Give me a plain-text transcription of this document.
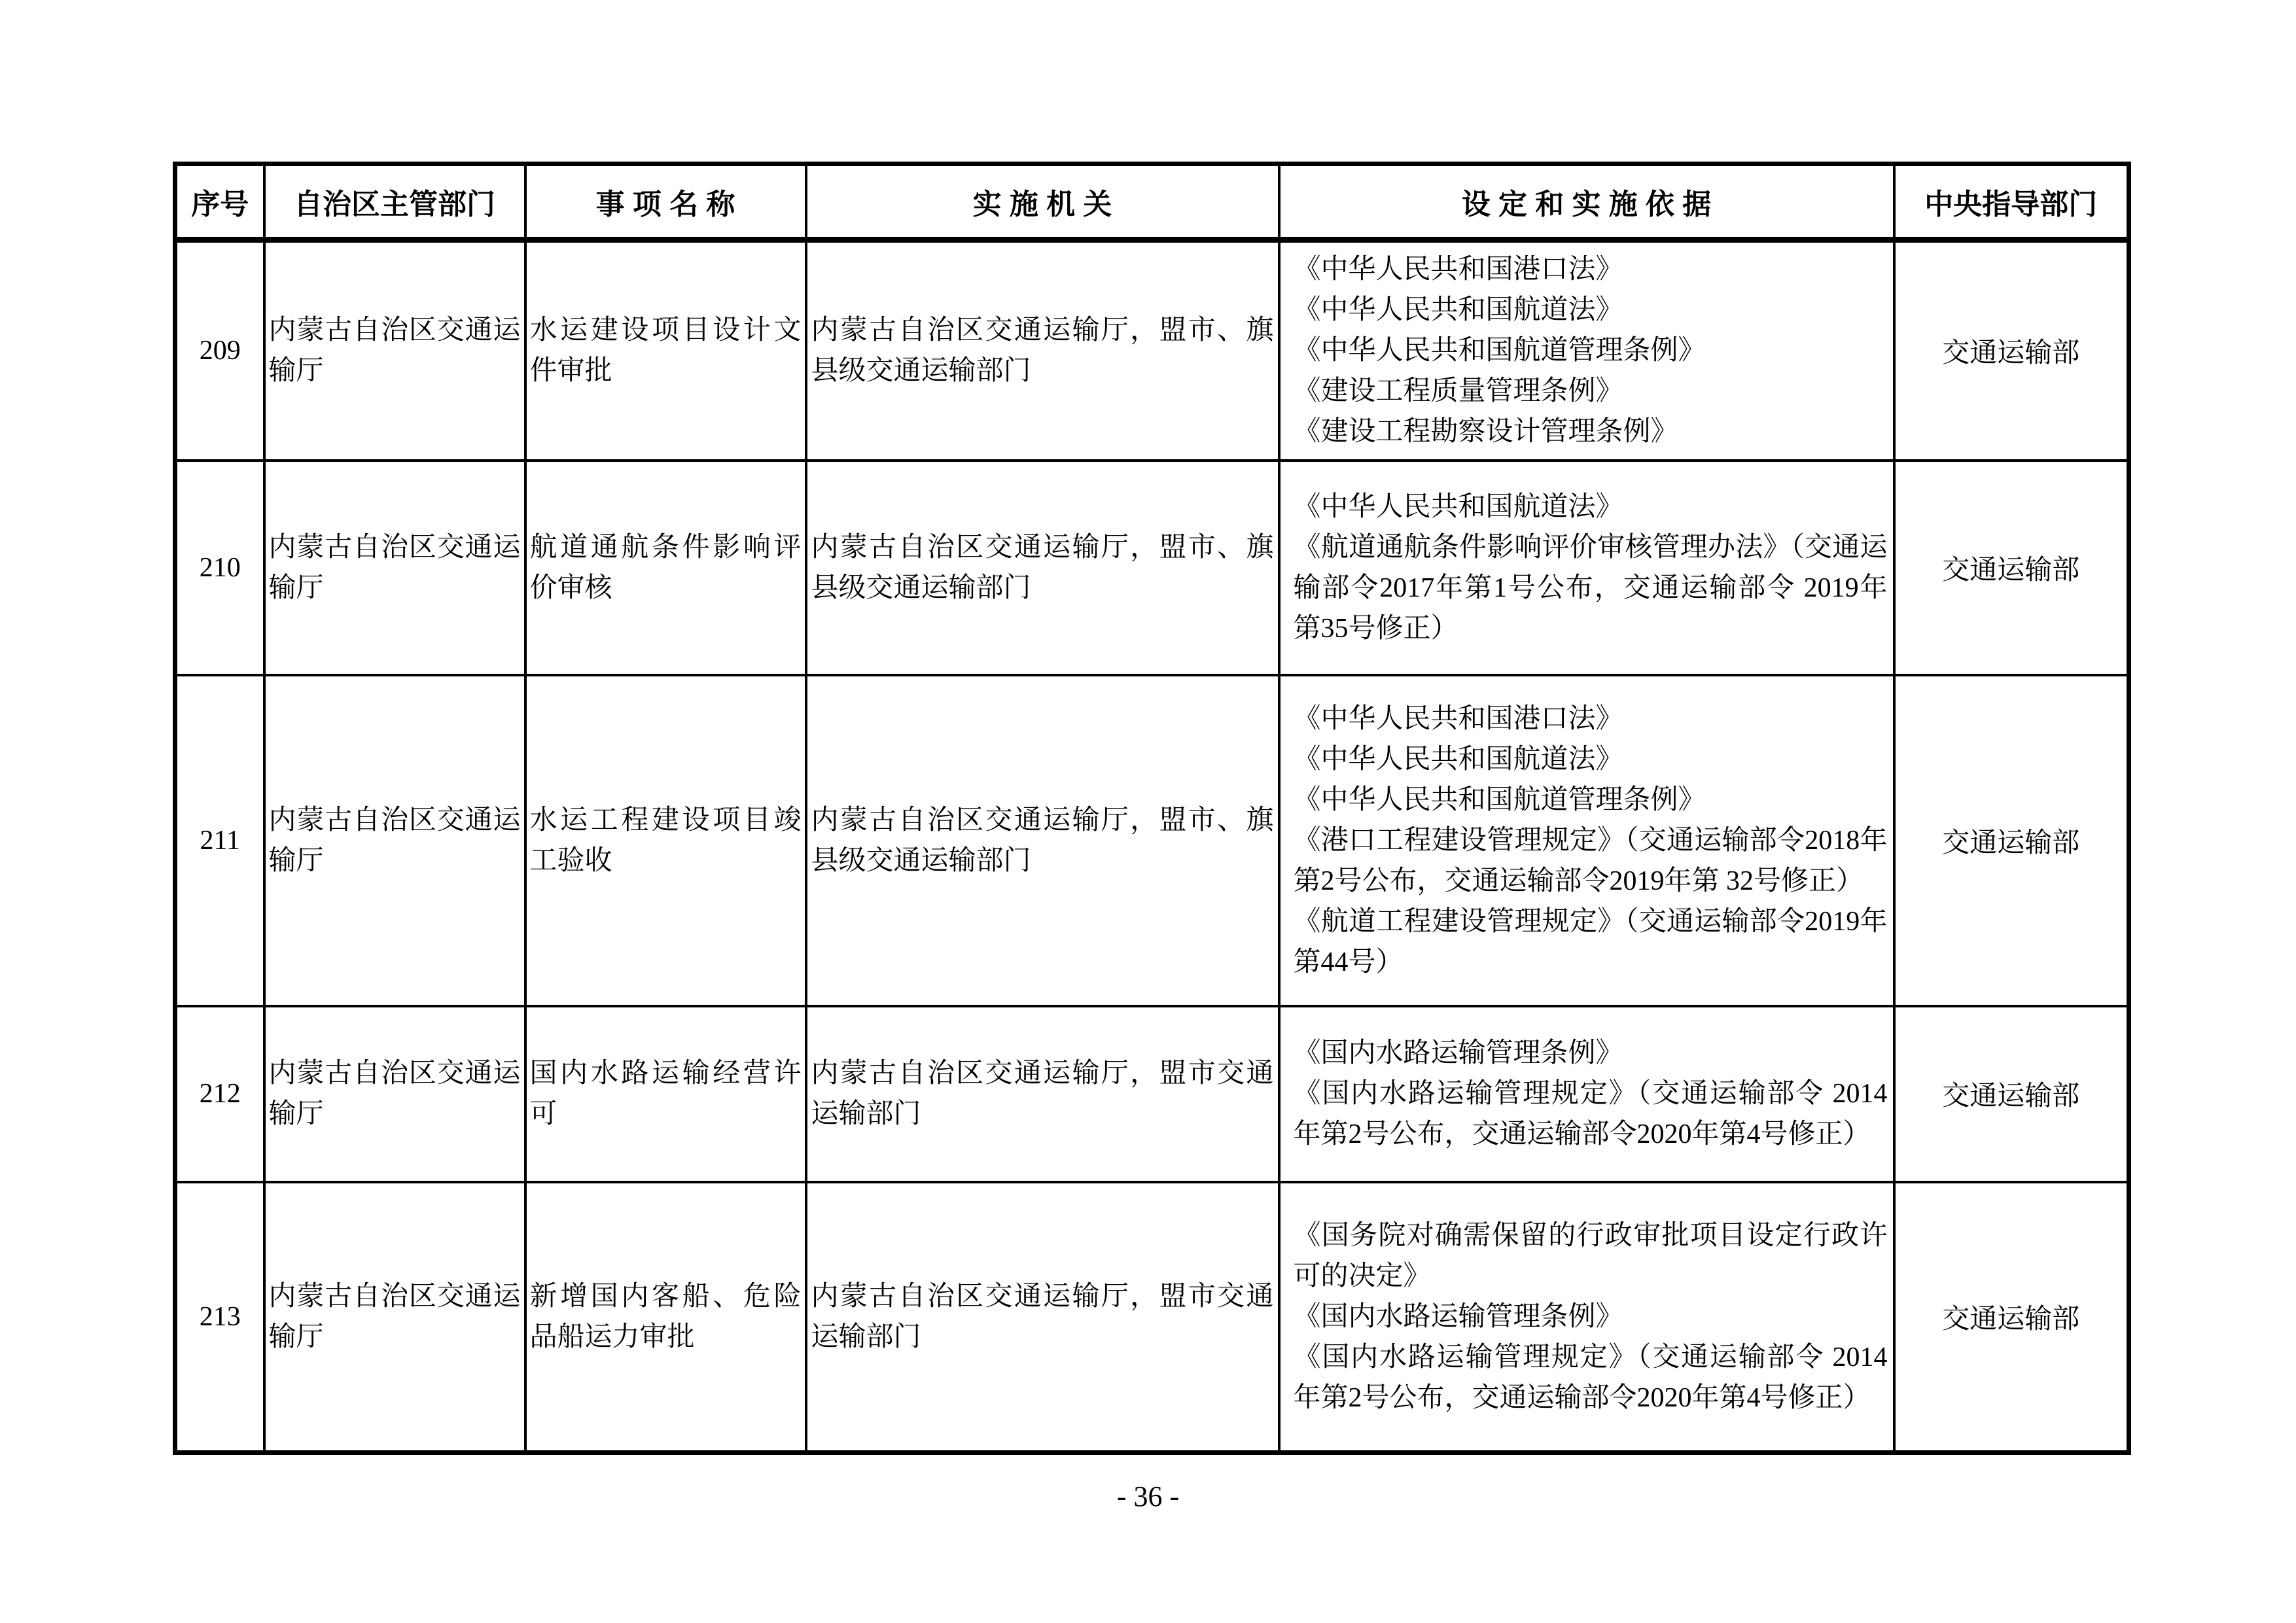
序号	自治区主管部门	事 项 名 称	实 施 机 关	设 定 和 实 施 依 据	中央指导部门
209	内蒙古自治区交通运输厅	水运建设项目设计文件审批	内蒙古自治区交通运输厅，盟市、旗县级交通运输部门	《中华人民共和国港口法》

《中华人民共和国航道法》

《中华人民共和国航道管理条例》

《建设工程质量管理条例》

《建设工程勘察设计管理条例》	交通运输部
210	内蒙古自治区交通运输厅	航道通航条件影响评价审核	内蒙古自治区交通运输厅，盟市、旗县级交通运输部门	《中华人民共和国航道法》

《航道通航条件影响评价审核管理办法》（交通运输部令2017年第1号公布，交通运输部令 2019年第35号修正）	交通运输部
211	内蒙古自治区交通运输厅	水运工程建设项目竣工验收	内蒙古自治区交通运输厅，盟市、旗县级交通运输部门	《中华人民共和国港口法》

《中华人民共和国航道法》

《中华人民共和国航道管理条例》

《港口工程建设管理规定》（交通运输部令2018年第2号公布，交通运输部令2019年第 32号修正）

《航道工程建设管理规定》（交通运输部令2019年第44号）	交通运输部
212	内蒙古自治区交通运输厅	国内水路运输经营许可	内蒙古自治区交通运输厅，盟市交通运输部门	《国内水路运输管理条例》

《国内水路运输管理规定》（交通运输部令 2014年第2号公布，交通运输部令2020年第4号修正）	交通运输部
213	内蒙古自治区交通运输厅	新增国内客船、危险品船运力审批	内蒙古自治区交通运输厅，盟市交通运输部门	《国务院对确需保留的行政审批项目设定行政许可的决定》

《国内水路运输管理条例》

《国内水路运输管理规定》（交通运输部令 2014年第2号公布，交通运输部令2020年第4号修正）	交通运输部
- 36 -
